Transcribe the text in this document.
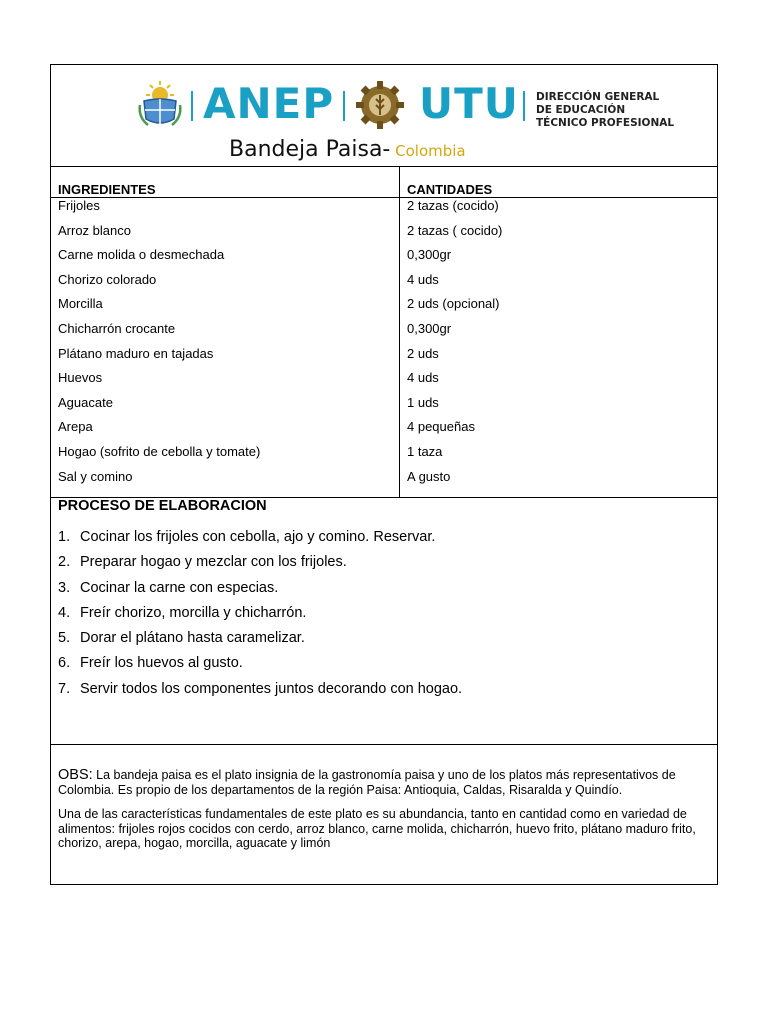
ANEP UTU DIRECCIÓN GENERAL
DE EDUCACIÓN
TÉCNICO PROFESIONAL
Bandeja Paisa- Colombia
INGREDIENTES	CANTIDADES
Frijoles	2 tazas (cocido)
Arroz blanco	2 tazas ( cocido)
Carne molida o desmechada	0,300gr
Chorizo colorado	4 uds
Morcilla	2 uds (opcional)
Chicharrón crocante	0,300gr
Plátano maduro en tajadas	2 uds
Huevos	4 uds
Aguacate	1 uds
Arepa	4 pequeñas
Hogao (sofrito de cebolla y tomate)	1 taza
Sal y comino	A gusto
PROCESO DE ELABORACION
1. Cocinar los frijoles con cebolla, ajo y comino. Reservar.
2. Preparar hogao y mezclar con los frijoles.
3. Cocinar la carne con especias.
4. Freír chorizo, morcilla y chicharrón.
5. Dorar el plátano hasta caramelizar.
6. Freír los huevos al gusto.
7. Servir todos los componentes juntos decorando con hogao.

OBS: La bandeja paisa es el plato insignia de la gastronomía paisa y uno de los platos más representativos de Colombia. Es propio de los departamentos de la región Paisa: Antioquia, Caldas, Risaralda y Quindío.

Una de las características fundamentales de este plato es su abundancia, tanto en cantidad como en variedad de alimentos: frijoles rojos cocidos con cerdo, arroz blanco, carne molida, chicharrón, huevo frito, plátano maduro frito, chorizo, arepa, hogao, morcilla, aguacate y limón
